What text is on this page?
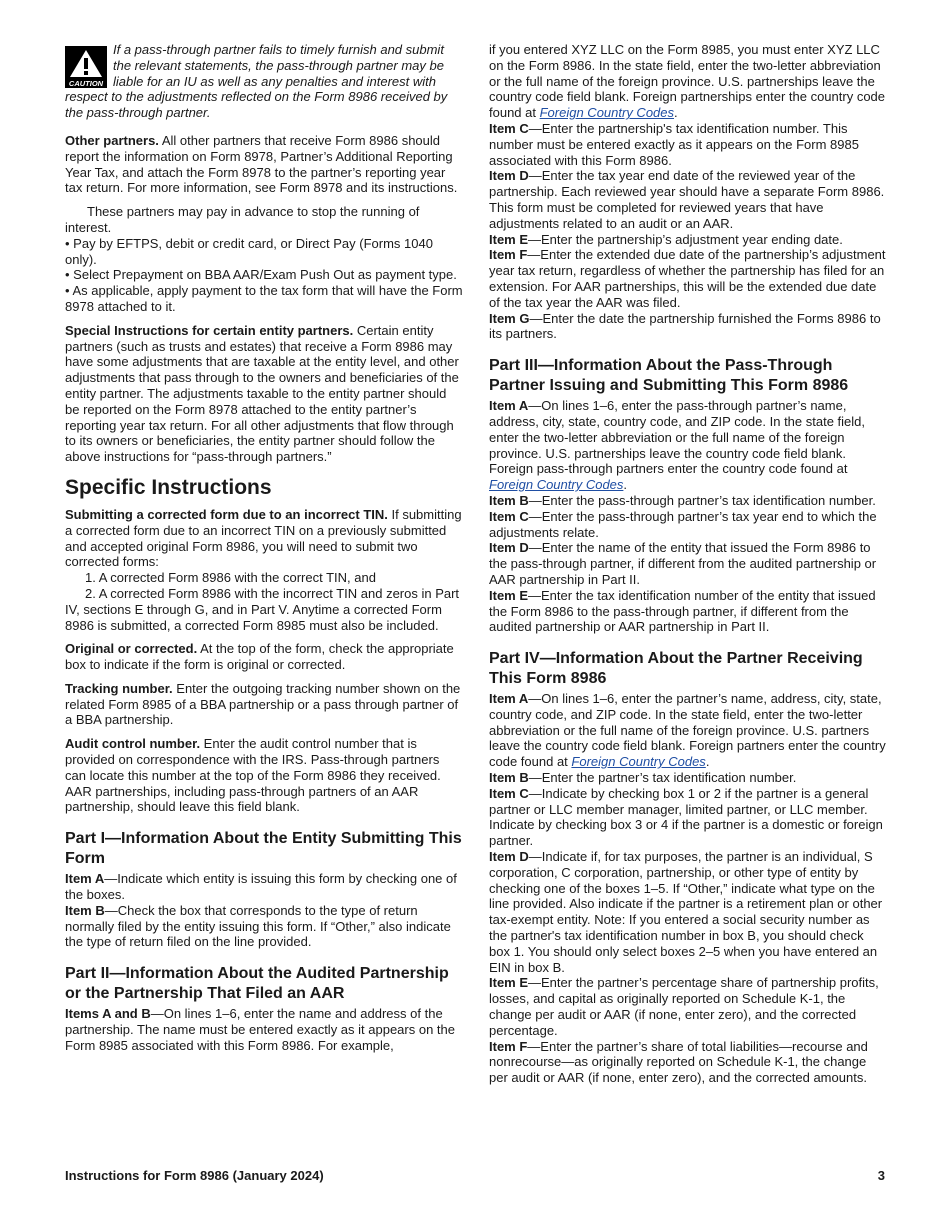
CAUTION
If a pass-through partner fails to timely furnish and submit the relevant statements, the pass-through partner may be liable for an IU as well as any penalties and interest with respect to the adjustments reflected on the Form 8986 received by the pass-through partner.

Other partners. All other partners that receive Form 8986 should report the information on Form 8978, Partner’s Additional Reporting Year Tax, and attach the Form 8978 to the partner’s reporting year tax return. For more information, see Form 8978 and its instructions.

These partners may pay in advance to stop the running of interest.

• Pay by EFTPS, debit or credit card, or Direct Pay (Forms 1040 only).

• Select Prepayment on BBA AAR/Exam Push Out as payment type.

• As applicable, apply payment to the tax form that will have the Form 8978 attached to it.

Special Instructions for certain entity partners. Certain entity partners (such as trusts and estates) that receive a Form 8986 may have some adjustments that are taxable at the entity level, and other adjustments that pass through to the owners and beneficiaries of the entity partner. The adjustments taxable to the entity partner should be reported on the Form 8978 attached to the entity partner’s reporting year tax return. For all other adjustments that flow through to its owners or beneficiaries, the entity partner should follow the above instructions for “pass-through partners.”

Specific Instructions

Submitting a corrected form due to an incorrect TIN. If submitting a corrected form due to an incorrect TIN on a previously submitted and accepted original Form 8986, you will need to submit two corrected forms:

1. A corrected Form 8986 with the correct TIN, and

2. A corrected Form 8986 with the incorrect TIN and zeros in Part IV, sections E through G, and in Part V. Anytime a corrected Form 8986 is submitted, a corrected Form 8985 must also be included.

Original or corrected. At the top of the form, check the appropriate box to indicate if the form is original or corrected.

Tracking number. Enter the outgoing tracking number shown on the related Form 8985 of a BBA partnership or a pass through partner of a BBA partnership.

Audit control number. Enter the audit control number that is provided on correspondence with the IRS. Pass-through partners can locate this number at the top of the Form 8986 they received. AAR partnerships, including pass-through partners of an AAR partnership, should leave this field blank.

Part I—Information About the Entity Submitting This Form

Item A—Indicate which entity is issuing this form by checking one of the boxes.

Item B—Check the box that corresponds to the type of return normally filed by the entity issuing this form. If “Other,” also indicate the type of return filed on the line provided.

Part II—Information About the Audited Partnership or the Partnership That Filed an AAR

Items A and B—On lines 1–6, enter the name and address of the partnership. The name must be entered exactly as it appears on the Form 8985 associated with this Form 8986. For example,

if you entered XYZ LLC on the Form 8985, you must enter XYZ LLC on the Form 8986. In the state field, enter the two-letter abbreviation or the full name of the foreign province. U.S. partnerships leave the country code field blank. Foreign partnerships enter the country code found at Foreign Country Codes.

Item C—Enter the partnership's tax identification number. This number must be entered exactly as it appears on the Form 8985 associated with this Form 8986.

Item D—Enter the tax year end date of the reviewed year of the partnership. Each reviewed year should have a separate Form 8986. This form must be completed for reviewed years that have adjustments related to an audit or an AAR.

Item E—Enter the partnership’s adjustment year ending date.

Item F—Enter the extended due date of the partnership’s adjustment year tax return, regardless of whether the partnership has filed for an extension. For AAR partnerships, this will be the extended due date of the tax year the AAR was filed.

Item G—Enter the date the partnership furnished the Forms 8986 to its partners.

Part III—Information About the Pass-Through Partner Issuing and Submitting This Form 8986

Item A—On lines 1–6, enter the pass-through partner’s name, address, city, state, country code, and ZIP code. In the state field, enter the two-letter abbreviation or the full name of the foreign province. U.S. partnerships leave the country code field blank. Foreign pass-through partners enter the country code found at Foreign Country Codes.

Item B—Enter the pass-through partner’s tax identification number.

Item C—Enter the pass-through partner’s tax year end to which the adjustments relate.

Item D—Enter the name of the entity that issued the Form 8986 to the pass-through partner, if different from the audited partnership or AAR partnership in Part II.

Item E—Enter the tax identification number of the entity that issued the Form 8986 to the pass-through partner, if different from the audited partnership or AAR partnership in Part II.

Part IV—Information About the Partner Receiving This Form 8986

Item A—On lines 1–6, enter the partner’s name, address, city, state, country code, and ZIP code. In the state field, enter the two-letter abbreviation or the full name of the foreign province. U.S. partners leave the country code field blank. Foreign partners enter the country code found at Foreign Country Codes.

Item B—Enter the partner’s tax identification number.

Item C—Indicate by checking box 1 or 2 if the partner is a general partner or LLC member manager, limited partner, or LLC member. Indicate by checking box 3 or 4 if the partner is a domestic or foreign partner.

Item D—Indicate if, for tax purposes, the partner is an individual, S corporation, C corporation, partnership, or other type of entity by checking one of the boxes 1–5. If “Other,” indicate what type on the line provided. Also indicate if the partner is a retirement plan or other tax-exempt entity. Note: If you entered a social security number as the partner's tax identification number in box B, you should check box 1. You should only select boxes 2–5 when you have entered an EIN in box B.

Item E—Enter the partner’s percentage share of partnership profits, losses, and capital as originally reported on Schedule K-1, the change per audit or AAR (if none, enter zero), and the corrected percentage.

Item F—Enter the partner’s share of total liabilities—recourse and nonrecourse—as originally reported on Schedule K-1, the change per audit or AAR (if none, enter zero), and the corrected amounts.

Instructions for Form 8986 (January 2024)	3
